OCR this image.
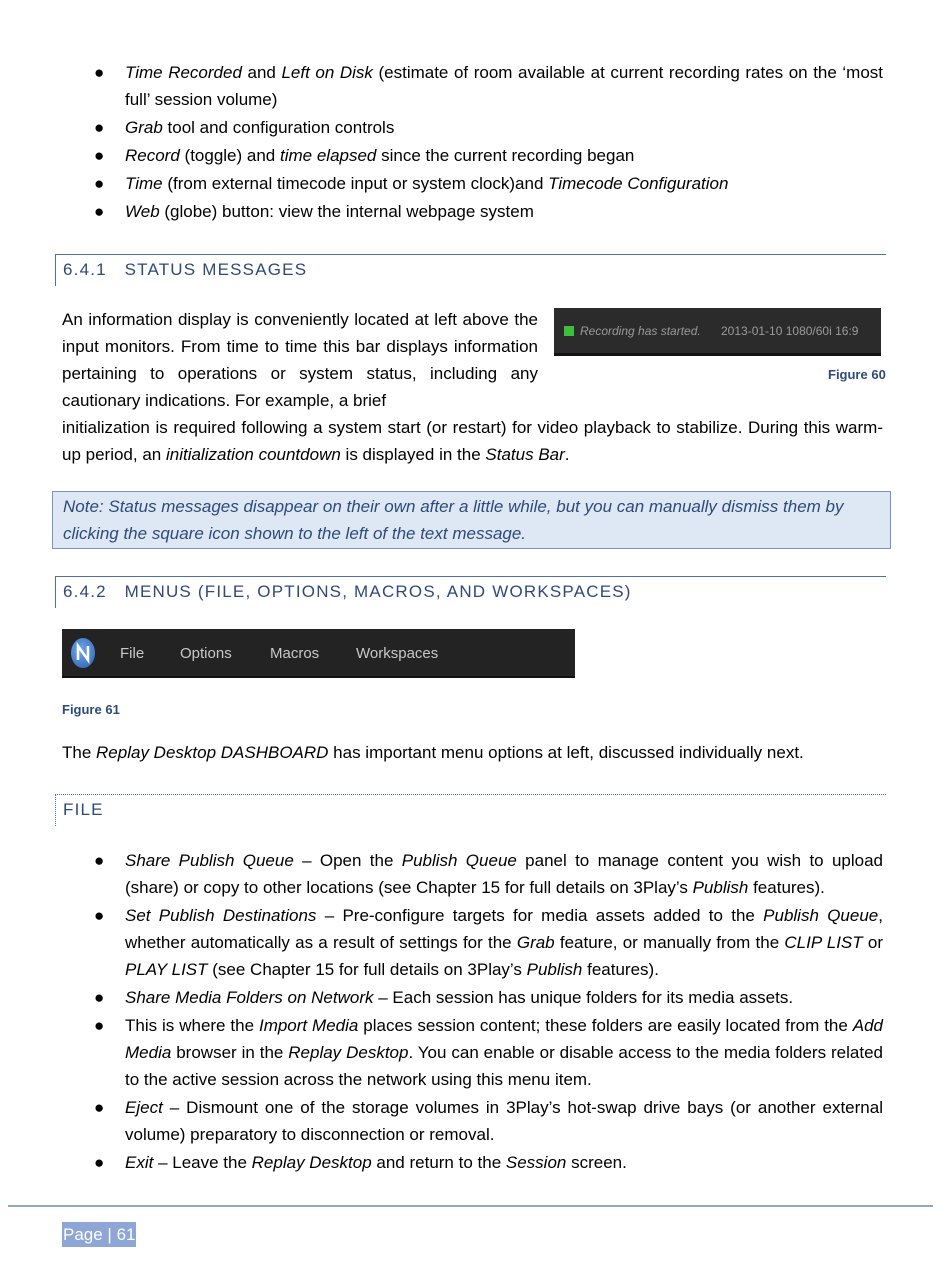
● Time Recorded and Left on Disk (estimate of room available at current recording rates on the ‘most full’ session volume)
● Grab tool and configuration controls
● Record (toggle) and time elapsed since the current recording began
● Time (from external timecode input or system clock)and Timecode Configuration
● Web (globe) button: view the internal webpage system
6.4.1   STATUS MESSAGES
An information display is conveniently located at left above the input monitors. From time to time this bar displays information pertaining to operations or system status, including any cautionary indications. For example, a brief
Recording has started. 2013-01-10 1080/60i 16:9
Figure 60
initialization is required following a system start (or restart) for video playback to stabilize. During this warm-up period, an initialization countdown is displayed in the Status Bar.
Note: Status messages disappear on their own after a little while, but you can manually dismiss them by clicking the square icon shown to the left of the text message.
6.4.2   MENUS (FILE, OPTIONS, MACROS, AND WORKSPACES)
File Options	Macros Workspaces
Figure 61
The Replay Desktop DASHBOARD has important menu options at left, discussed individually next.
FILE
● Share Publish Queue – Open the Publish Queue panel to manage content you wish to upload (share) or copy to other locations (see Chapter 15 for full details on 3Play’s Publish features).
● Set Publish Destinations – Pre-configure targets for media assets added to the Publish Queue, whether automatically as a result of settings for the Grab feature, or manually from the CLIP LIST or PLAY LIST (see Chapter 15 for full details on 3Play’s Publish features).
● Share Media Folders on Network – Each session has unique folders for its media assets.
● This is where the Import Media places session content; these folders are easily located from the Add Media browser in the Replay Desktop. You can enable or disable access to the media folders related to the active session across the network using this menu item.
● Eject – Dismount one of the storage volumes in 3Play’s hot-swap drive bays (or another external volume) preparatory to disconnection or removal.
● Exit – Leave the Replay Desktop and return to the Session screen.
Page | 61
